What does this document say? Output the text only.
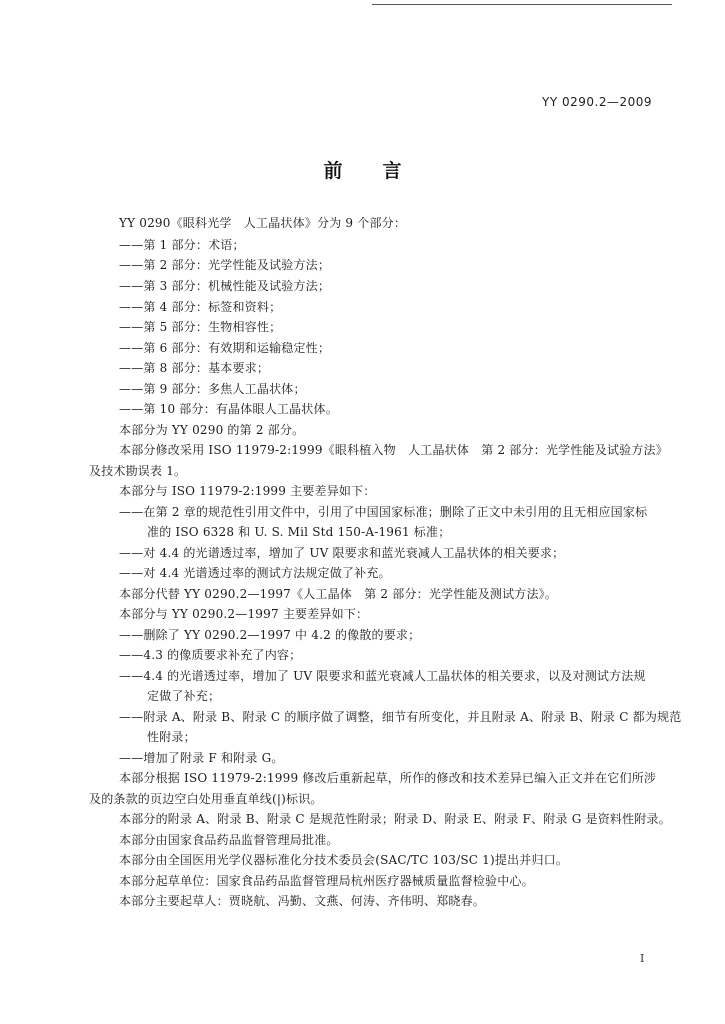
YY 0290.2—2009
前 言
YY 0290《眼科光学　人工晶状体》分为 9 个部分：
——第 1 部分：术语；
——第 2 部分：光学性能及试验方法；
——第 3 部分：机械性能及试验方法；
——第 4 部分：标签和资料；
——第 5 部分：生物相容性；
——第 6 部分：有效期和运输稳定性；
——第 8 部分：基本要求；
——第 9 部分：多焦人工晶状体；
——第 10 部分：有晶体眼人工晶状体。
本部分为 YY 0290 的第 2 部分。
本部分修改采用 ISO 11979-2:1999《眼科植入物　人工晶状体　第 2 部分：光学性能及试验方法》
及技术勘误表 1。
本部分与 ISO 11979-2:1999 主要差异如下：
——在第 2 章的规范性引用文件中，引用了中国国家标准；删除了正文中未引用的且无相应国家标
准的 ISO 6328 和 U. S. Mil Std 150-A-1961 标准；
——对 4.4 的光谱透过率，增加了 UV 限要求和蓝光衰减人工晶状体的相关要求；
——对 4.4 光谱透过率的测试方法规定做了补充。
本部分代替 YY 0290.2—1997《人工晶体　第 2 部分：光学性能及测试方法》。
本部分与 YY 0290.2—1997 主要差异如下：
——删除了 YY 0290.2—1997 中 4.2 的像散的要求；
——4.3 的像质要求补充了内容；
——4.4 的光谱透过率，增加了 UV 限要求和蓝光衰减人工晶状体的相关要求，以及对测试方法规
定做了补充；
——附录 A、附录 B、附录 C 的顺序做了调整，细节有所变化，并且附录 A、附录 B、附录 C 都为规范
性附录；
——增加了附录 F 和附录 G。
本部分根据 ISO 11979-2:1999 修改后重新起草，所作的修改和技术差异已编入正文并在它们所涉
及的条款的页边空白处用垂直单线(|)标识。
本部分的附录 A、附录 B、附录 C 是规范性附录；附录 D、附录 E、附录 F、附录 G 是资料性附录。
本部分由国家食品药品监督管理局批准。
本部分由全国医用光学仪器标准化分技术委员会(SAC/TC 103/SC 1)提出并归口。
本部分起草单位：国家食品药品监督管理局杭州医疗器械质量监督检验中心。
本部分主要起草人：贾晓航、冯勤、文燕、何涛、齐伟明、郑晓春。
I
